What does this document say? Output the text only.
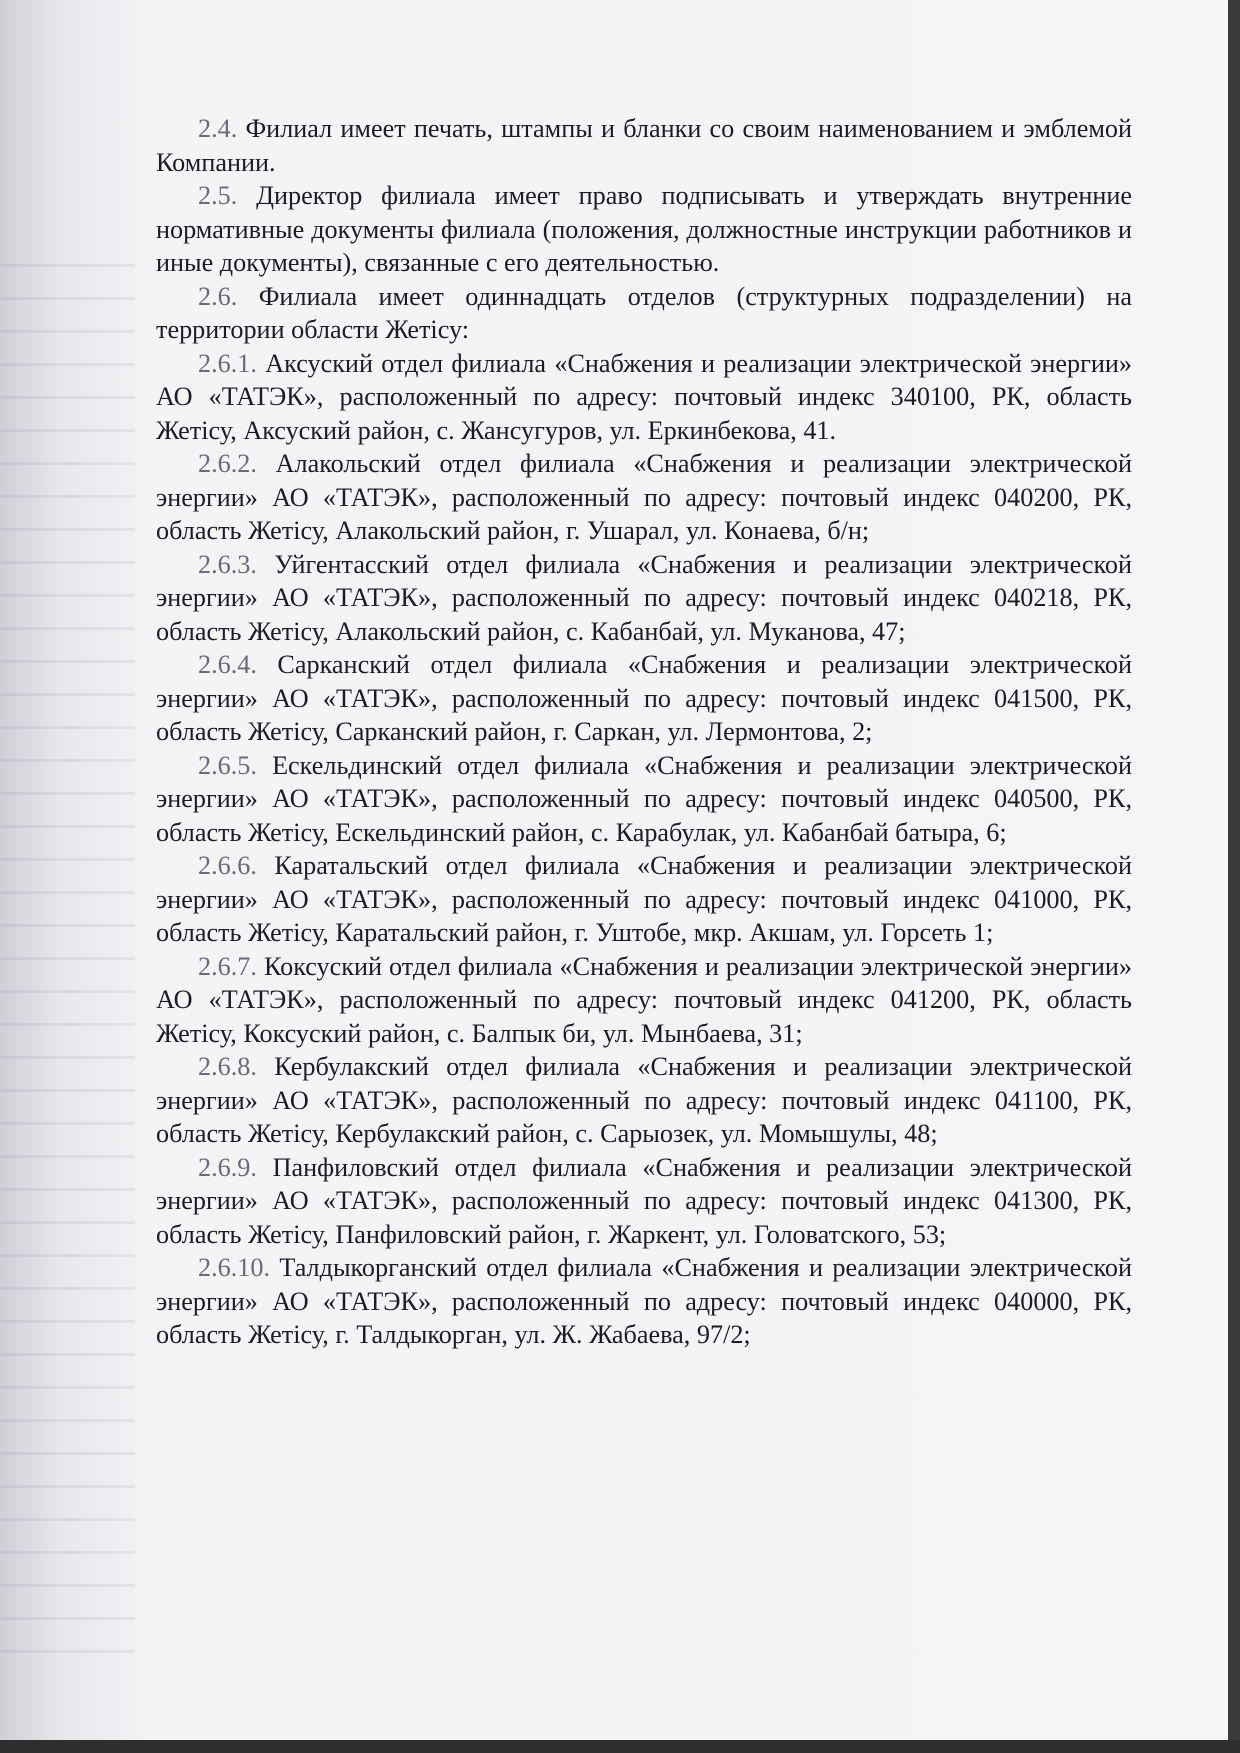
2.4. Филиал имеет печать, штампы и бланки со своим наименованием и эмблемой Компании.

2.5. Директор филиала имеет право подписывать и утверждать внутренние нормативные документы филиала (положения, должностные инструкции работников и иные документы), связанные с его деятельностью.

2.6. Филиала имеет одиннадцать отделов (структурных подразделении) на территории области Жетісу:

2.6.1. Аксуский отдел филиала «Снабжения и реализации электрической энергии» АО «ТАТЭК», расположенный по адресу: почтовый индекс 340100, РК, область Жетісу, Аксуский район, с. Жансугуров, ул. Еркинбекова, 41.

2.6.2. Алакольский отдел филиала «Снабжения и реализации электрической энергии» АО «ТАТЭК», расположенный по адресу: почтовый индекс 040200, РК, область Жетісу, Алакольский район, г. Ушарал, ул. Конаева, б/н;

2.6.3. Уйгентасский отдел филиала «Снабжения и реализации электрической энергии» АО «ТАТЭК», расположенный по адресу: почтовый индекс 040218, РК, область Жетісу, Алакольский район, с. Кабанбай, ул. Муканова, 47;

2.6.4. Сарканский отдел филиала «Снабжения и реализации электрической энергии» АО «ТАТЭК», расположенный по адресу: почтовый индекс 041500, РК, область Жетісу, Сарканский район, г. Саркан, ул. Лермонтова, 2;

2.6.5. Ескельдинский отдел филиала «Снабжения и реализации электрической энергии» АО «ТАТЭК», расположенный по адресу: почтовый индекс 040500, РК, область Жетісу, Ескельдинский район, с. Карабулак, ул. Кабанбай батыра, 6;

2.6.6. Каратальский отдел филиала «Снабжения и реализации электрической энергии» АО «ТАТЭК», расположенный по адресу: почтовый индекс 041000, РК, область Жетісу, Каратальский район, г. Уштобе, мкр. Акшам, ул. Горсеть 1;

2.6.7. Коксуский отдел филиала «Снабжения и реализации электрической энергии» АО «ТАТЭК», расположенный по адресу: почтовый индекс 041200, РК, область Жетісу, Коксуский район, с. Балпык би, ул. Мынбаева, 31;

2.6.8. Кербулакский отдел филиала «Снабжения и реализации электрической энергии» АО «ТАТЭК», расположенный по адресу: почтовый индекс 041100, РК, область Жетісу, Кербулакский район, с. Сарыозек, ул. Момышулы, 48;

2.6.9. Панфиловский отдел филиала «Снабжения и реализации электрической энергии» АО «ТАТЭК», расположенный по адресу: почтовый индекс 041300, РК, область Жетісу, Панфиловский район, г. Жаркент, ул. Головатского, 53;

2.6.10. Талдыкорганский отдел филиала «Снабжения и реализации электрической энергии» АО «ТАТЭК», расположенный по адресу: почтовый индекс 040000, РК, область Жетісу, г. Талдыкорган, ул. Ж. Жабаева, 97/2;
